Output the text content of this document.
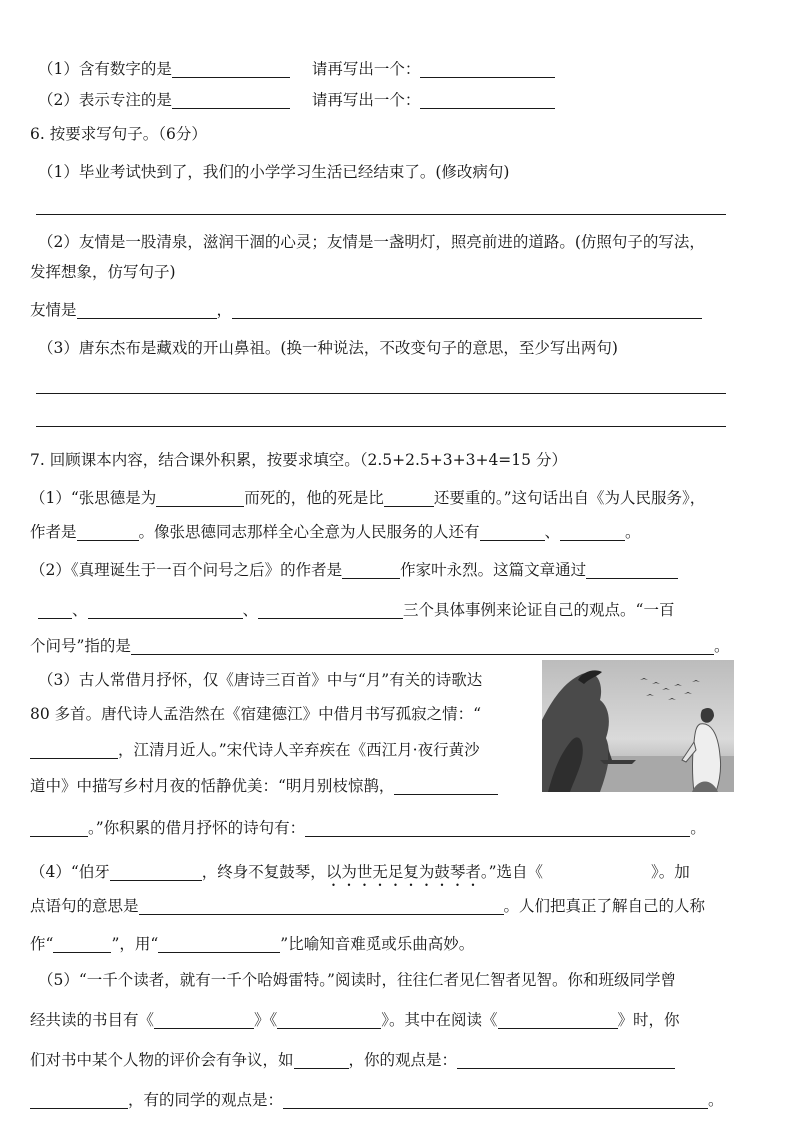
（1）含有数字的是	请再写出一个：
（2）表示专注的是	请再写出一个：
6. 按要求写句子。（6分）
（1）毕业考试快到了，我们的小学学习生活已经结束了。(修改病句)
（2）友情是一股清泉，滋润干涸的心灵；友情是一盏明灯，照亮前进的道路。(仿照句子的写法，
发挥想象，仿写句子)
友情是	，
（3）唐东杰布是藏戏的开山鼻祖。(换一种说法，不改变句子的意思，至少写出两句)
7. 回顾课本内容，结合课外积累，按要求填空。（2.5+2.5+3+3+4=15 分）
（1）“张思德是为	而死的，他的死是比	还要重的。”这句话出自《为人民服务》，
作者是	。像张思德同志那样全心全意为人民服务的人还有	、	。
（2）《真理诞生于一百个问号之后》的作者是	作家叶永烈。这篇文章通过
、	、	三个具体事例来论证自己的观点。“一百
个问号”指的是	。
（3）古人常借月抒怀，仅《唐诗三百首》中与“月”有关的诗歌达
80 多首。唐代诗人孟浩然在《宿建德江》中借月书写孤寂之情：“
，江清月近人。”宋代诗人辛弃疾在《西江月·夜行黄沙
道中》中描写乡村月夜的恬静优美：“明月别枝惊鹊，
。”你积累的借月抒怀的诗句有：	。
（4）“伯牙	，终身不复鼓琴，以为世无足复为鼓琴者。”选自《	》。加
点语句的意思是	。人们把真正了解自己的人称
作“	”，用“	”比喻知音难觅或乐曲高妙。
（5）“一千个读者，就有一千个哈姆雷特。”阅读时，往往仁者见仁智者见智。你和班级同学曾
经共读的书目有《	》《	》。其中在阅读《	》时，你
们对书中某个人物的评价会有争议，如	，你的观点是：
，有的同学的观点是：	。
